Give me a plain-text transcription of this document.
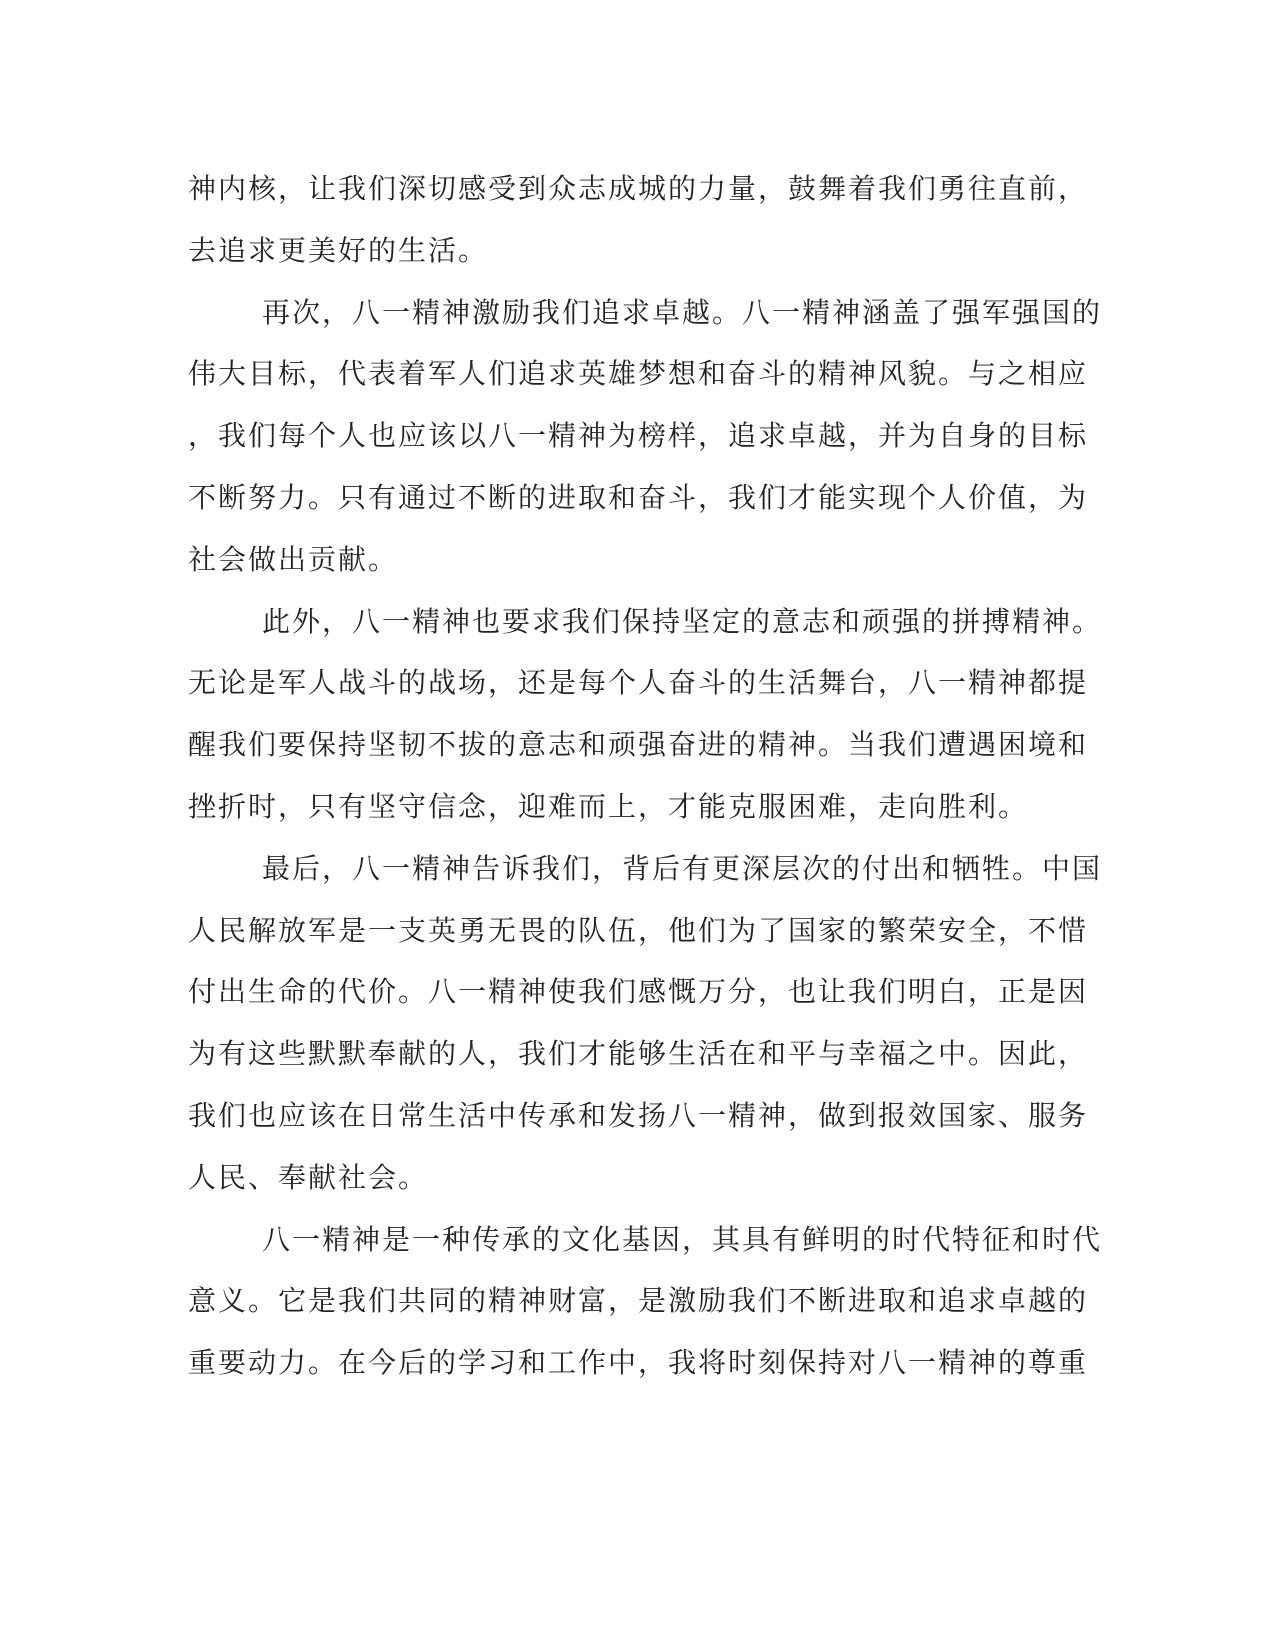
神内核，让我们深切感受到众志成城的力量，鼓舞着我们勇往直前，
去追求更美好的生活。
再次，八一精神激励我们追求卓越。八一精神涵盖了强军强国的
伟大目标，代表着军人们追求英雄梦想和奋斗的精神风貌。与之相应
，我们每个人也应该以八一精神为榜样，追求卓越，并为自身的目标
不断努力。只有通过不断的进取和奋斗，我们才能实现个人价值，为
社会做出贡献。
此外，八一精神也要求我们保持坚定的意志和顽强的拼搏精神。
无论是军人战斗的战场，还是每个人奋斗的生活舞台，八一精神都提
醒我们要保持坚韧不拔的意志和顽强奋进的精神。当我们遭遇困境和
挫折时，只有坚守信念，迎难而上，才能克服困难，走向胜利。
最后，八一精神告诉我们，背后有更深层次的付出和牺牲。中国
人民解放军是一支英勇无畏的队伍，他们为了国家的繁荣安全，不惜
付出生命的代价。八一精神使我们感慨万分，也让我们明白，正是因
为有这些默默奉献的人，我们才能够生活在和平与幸福之中。因此，
我们也应该在日常生活中传承和发扬八一精神，做到报效国家、服务
人民、奉献社会。
八一精神是一种传承的文化基因，其具有鲜明的时代特征和时代
意义。它是我们共同的精神财富，是激励我们不断进取和追求卓越的
重要动力。在今后的学习和工作中，我将时刻保持对八一精神的尊重
